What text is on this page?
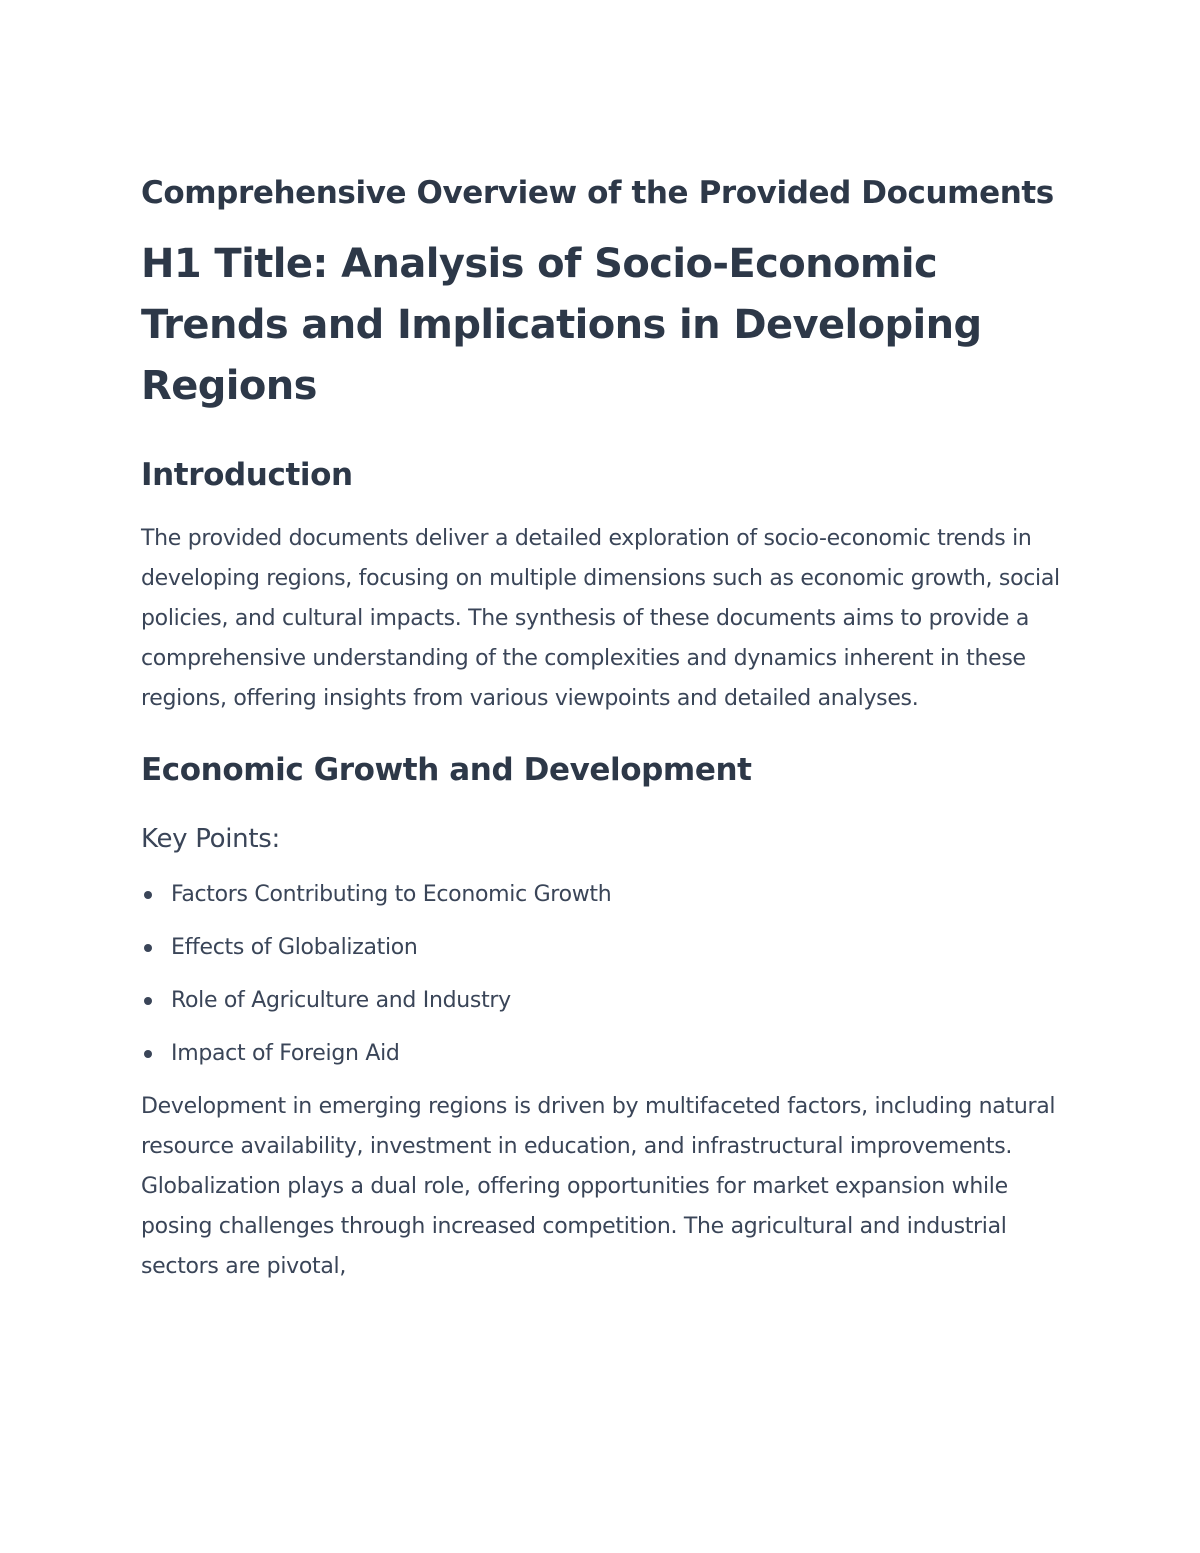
Comprehensive Overview of the Provided Documents
H1 Title: Analysis of Socio-Economic Trends and Implications in Developing Regions
Introduction

The provided documents deliver a detailed exploration of socio-economic trends in developing regions, focusing on multiple dimensions such as economic growth, social policies, and cultural impacts. The synthesis of these documents aims to provide a comprehensive understanding of the complexities and dynamics inherent in these regions, offering insights from various viewpoints and detailed analyses.

Economic Growth and Development
Key Points:
Factors Contributing to Economic Growth
Effects of Globalization
Role of Agriculture and Industry
Impact of Foreign Aid

Development in emerging regions is driven by multifaceted factors, including natural resource availability, investment in education, and infrastructural improvements. Globalization plays a dual role, offering opportunities for market expansion while posing challenges through increased competition. The agricultural and industrial sectors are pivotal,
